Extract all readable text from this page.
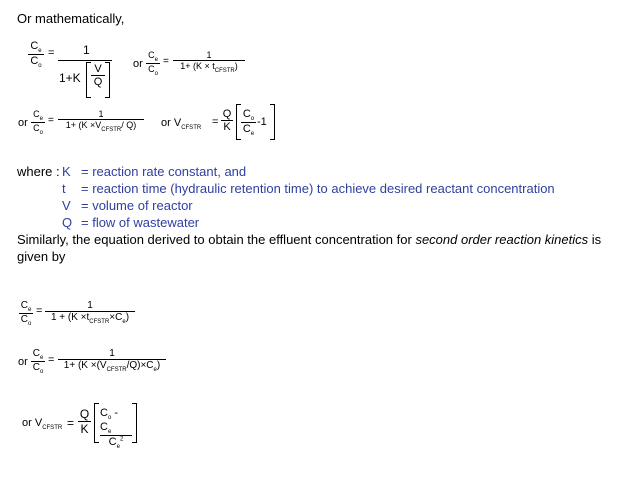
Or mathematically,
$C_e$
$C_o$
= 1
1+K
V
Q
or
$C_e$
$C_o$
=
1
$1+ (K \times t_{CFSTR})$
or
$C_e$
$C_o$
=
1
$1+ (K \times V_{CFSTR}/$ Q) or $V_{CFSTR}$
=
Q
K
$C_o$
$C_e$
-1
where : K = reaction rate constant, and
t = reaction time (hydraulic retention time) to achieve desired reactant concentration
V = volume of reactor
Q = flow of wastewater
Similarly, the equation derived to obtain the effluent concentration for second order reaction kinetics is
given by
$C_e$
$C_o$
=	1
$1 + (K \times t_{CFSTR}\times C_e)$
or
$C_e$
$C_o$
=
1
$1+ (K \times(V_{CFSTR}/Q)\times C_e)$
or $V_{CFSTR}$ =
Q
K
$C_o - C_e$
$C_e^2$
